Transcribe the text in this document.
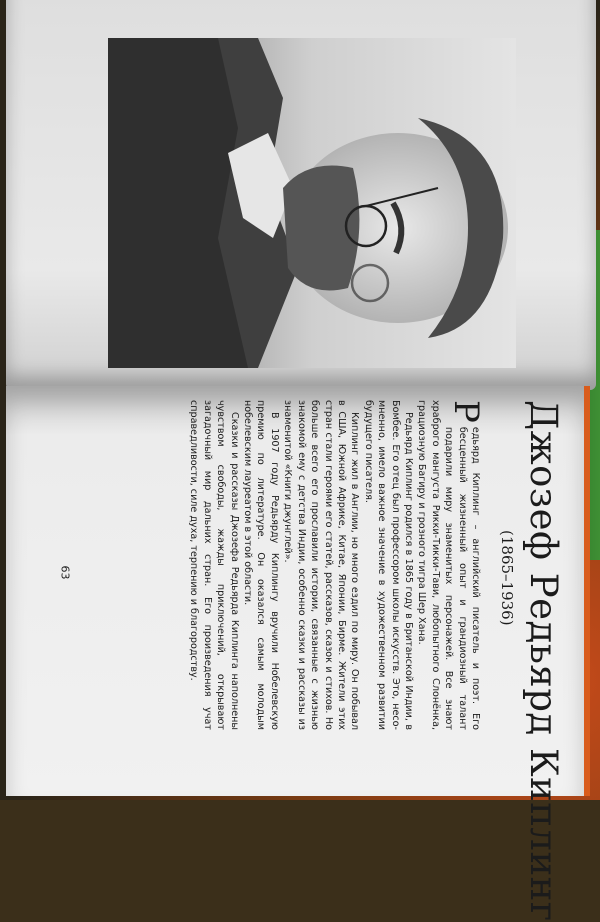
Джозеф Редьярд Киплинг
(1865–1936)

Р
едьярд Киплинг – английский писатель и поэт. Его бесценный жизненный опыт и грандиозный талант подарили миру знаменитых персонажей. Все знают храброго мангуста Рикки-Тикки-Тави, любопытного Слонёнка, грациозную Багиру и грозного тигра Шер Хана.

Редьярд Киплинг родился в 1865 году в Британской Индии, в Бомбее. Его отец был профессором школы искусств. Это, несомненно, имело важное значение в художественном развитии будущего писателя.

Киплинг жил в Англии, но много ездил по миру. Он побывал в США, Южной Африке, Китае, Японии, Бирме. Жители этих стран стали героями его статей, рассказов, сказок и стихов. Но больше всего его прославили истории, связанные с жизнью знакомой ему с детства Индии, особенно сказки и рассказы из знаменитой «Книги джунглей».

В 1907 году Редьярду Киплингу вручили Нобелевскую премию по литературе. Он оказался самым молодым нобелевским лауреатом в этой области.

Сказки и рассказы Джозефа Редьярда Киплинга наполнены чувством свободы, жажды приключений, открывают загадочный мир дальних стран. Его произведения учат справедливости, силе духа, терпению и благородству.

63
